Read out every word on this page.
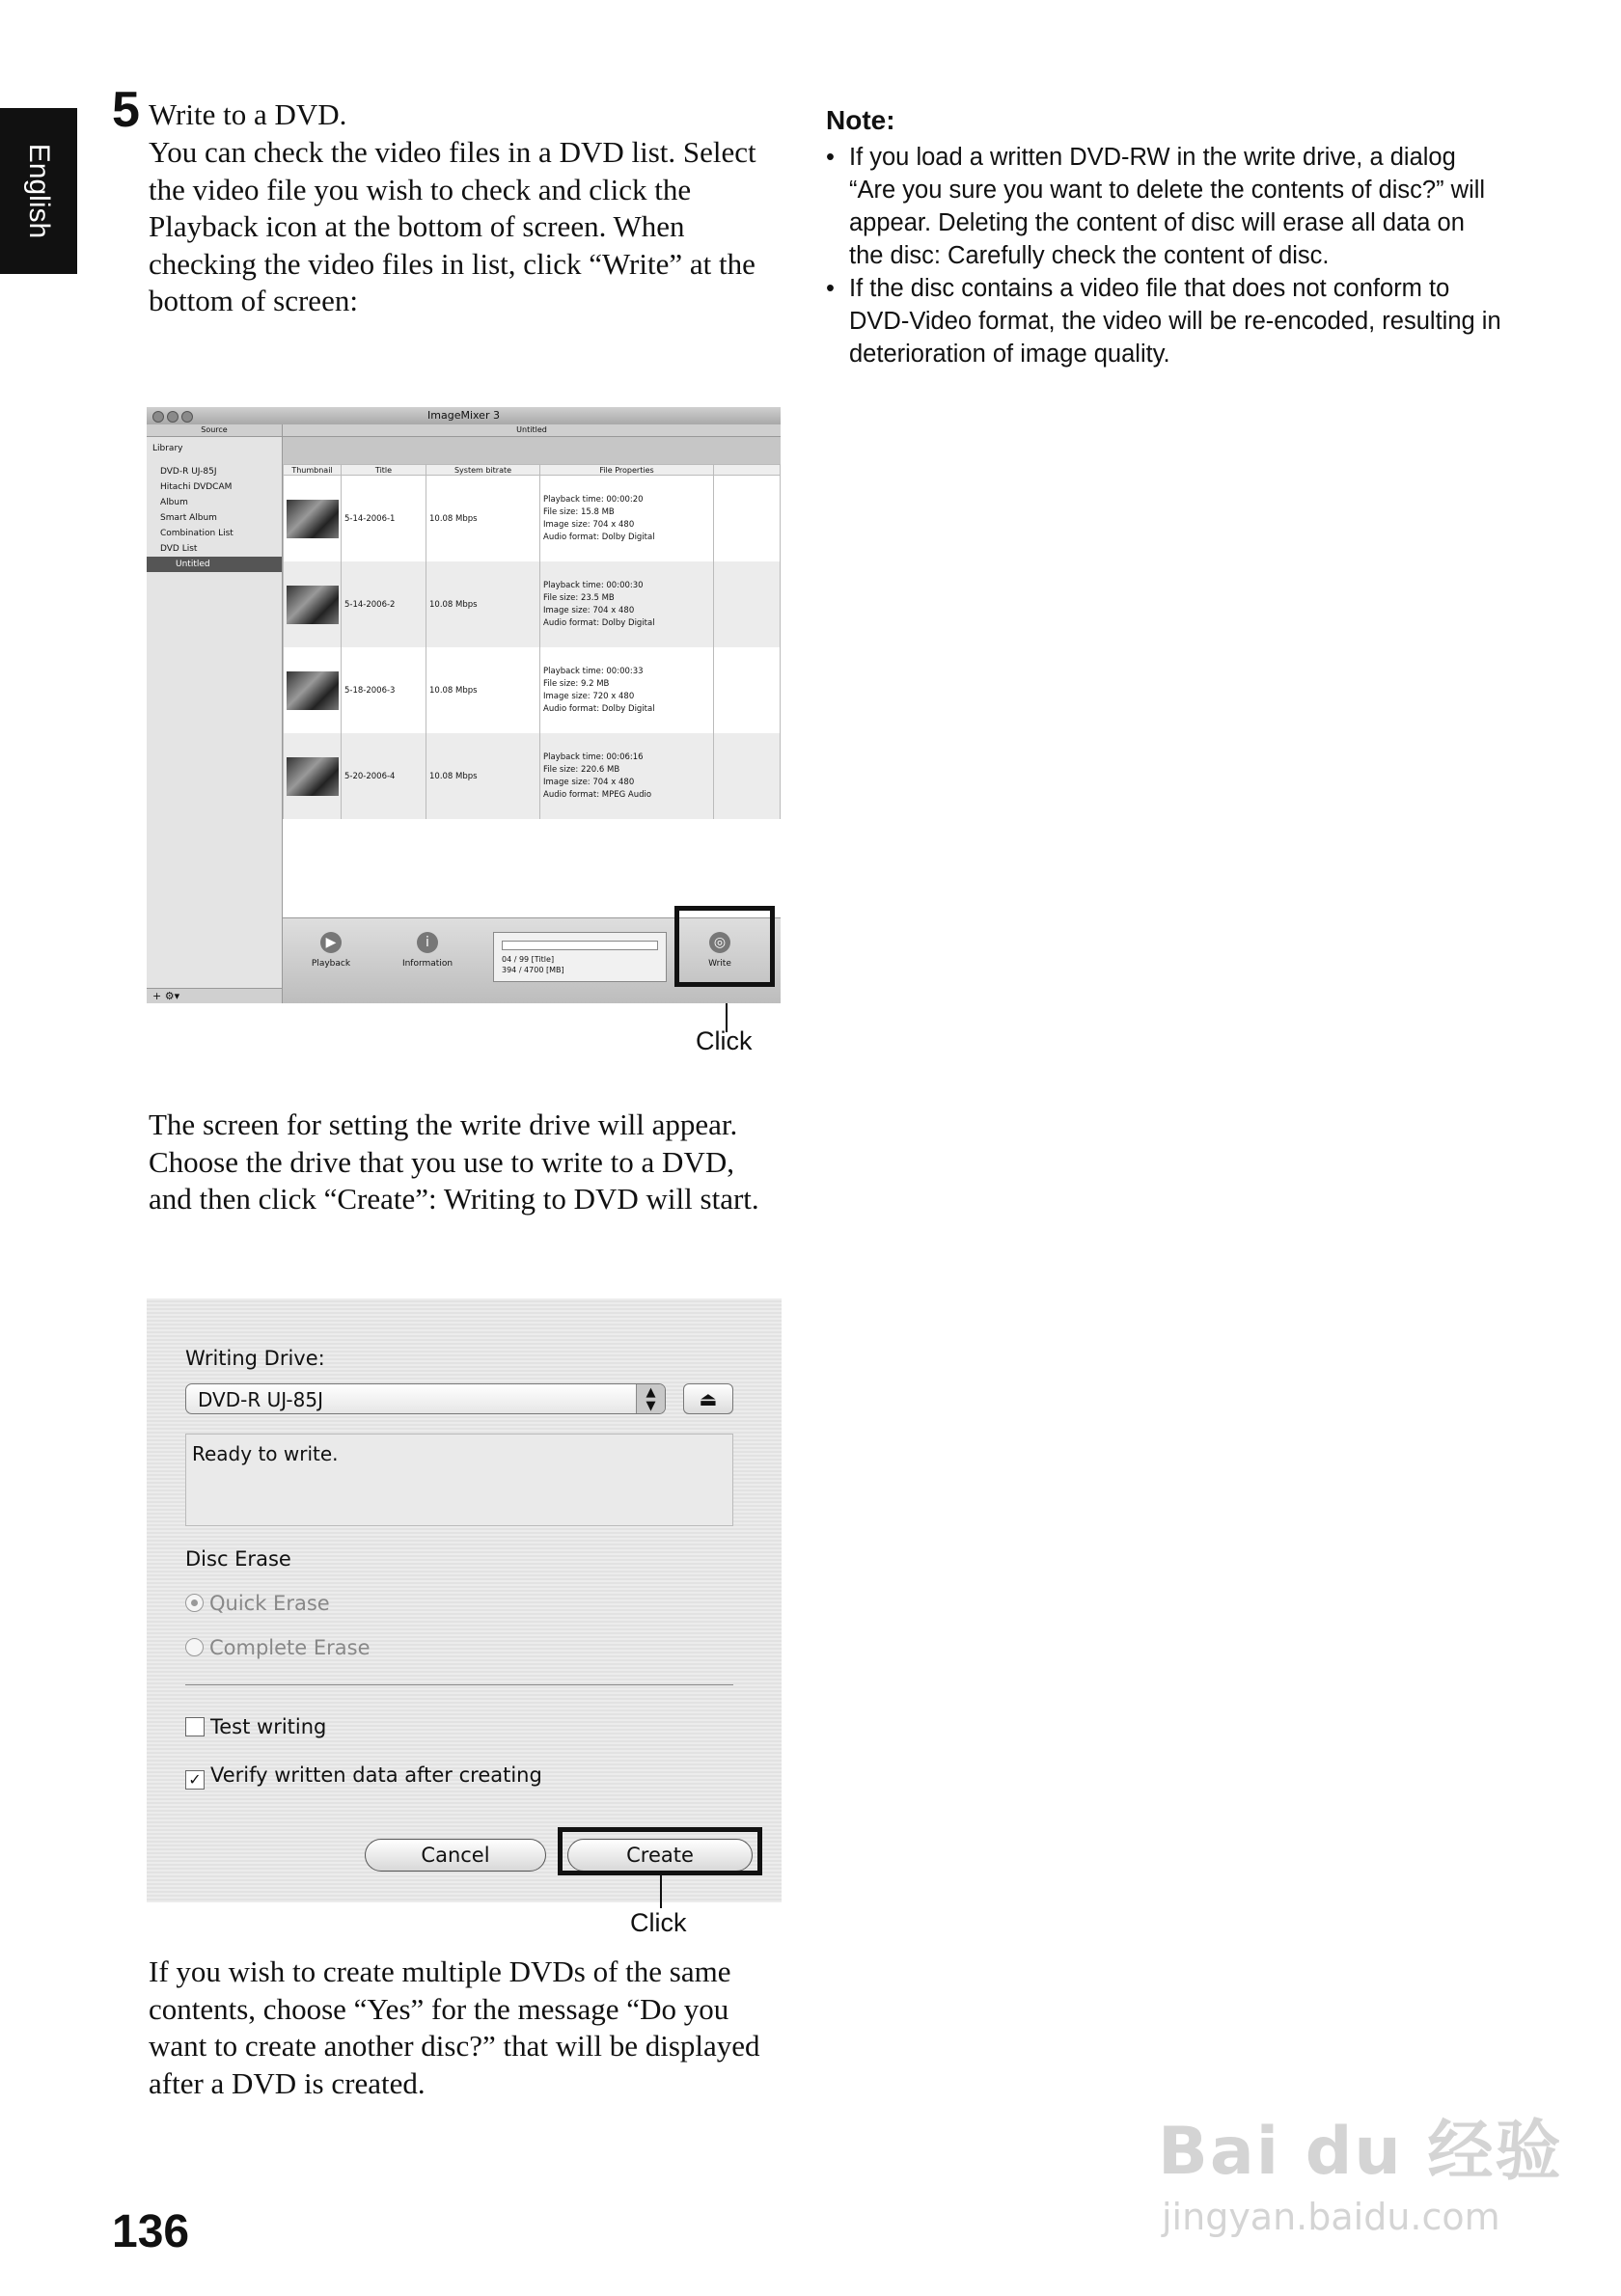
English
5 Write to a DVD.

You can check the video files in a DVD list. Select the video file you wish to check and click the Playback icon at the bottom of screen. When checking the video files in list, click “Write” at the bottom of screen:

Note:

• If you load a written DVD-RW in the write drive, a dialog “Are you sure you want to delete the contents of disc?” will appear. Deleting the content of disc will erase all data on the disc: Carefully check the content of disc.
• If the disc contains a video file that does not conform to DVD-Video format, the video will be re-encoded, resulting in deterioration of image quality.
ImageMixer 3
Source
Library
DVD-R UJ-85J
Hitachi DVDCAM
Album
Smart Album
Combination List
DVD List
Untitled
+ ⚙▾
Untitled
Thumbnail	Title	System bitrate	File Properties	

	5-14-2006-1	10.08 Mbps	Playback time: 00:00:20
File size: 15.8 MB
Image size: 704 x 480
Audio format: Dolby Digital	

	5-14-2006-2	10.08 Mbps	Playback time: 00:00:30
File size: 23.5 MB
Image size: 704 x 480
Audio format: Dolby Digital	

	5-18-2006-3	10.08 Mbps	Playback time: 00:00:33
File size: 9.2 MB
Image size: 720 x 480
Audio format: Dolby Digital	

	5-20-2006-4	10.08 Mbps	Playback time: 00:06:16
File size: 220.6 MB
Image size: 704 x 480
Audio format: MPEG Audio	

▶
Playback
i
Information	04 / 99 [Title]
394 / 4700 [MB]
◎
Write
Click

The screen for setting the write drive will appear. Choose the drive that you use to write to a DVD, and then click “Create”: Writing to DVD will start.

Writing Drive:
DVD-R UJ-85J	▲
▼	⏏
Ready to write.
Disc Erase
Quick Erase
Complete Erase
Test writing
✓ Verify written data after creating
Cancel	Create
Click

If you wish to create multiple DVDs of the same contents, choose “Yes” for the message “Do you want to create another disc?” that will be displayed after a DVD is created.

136
Bai du 经验
jingyan.baidu.com
